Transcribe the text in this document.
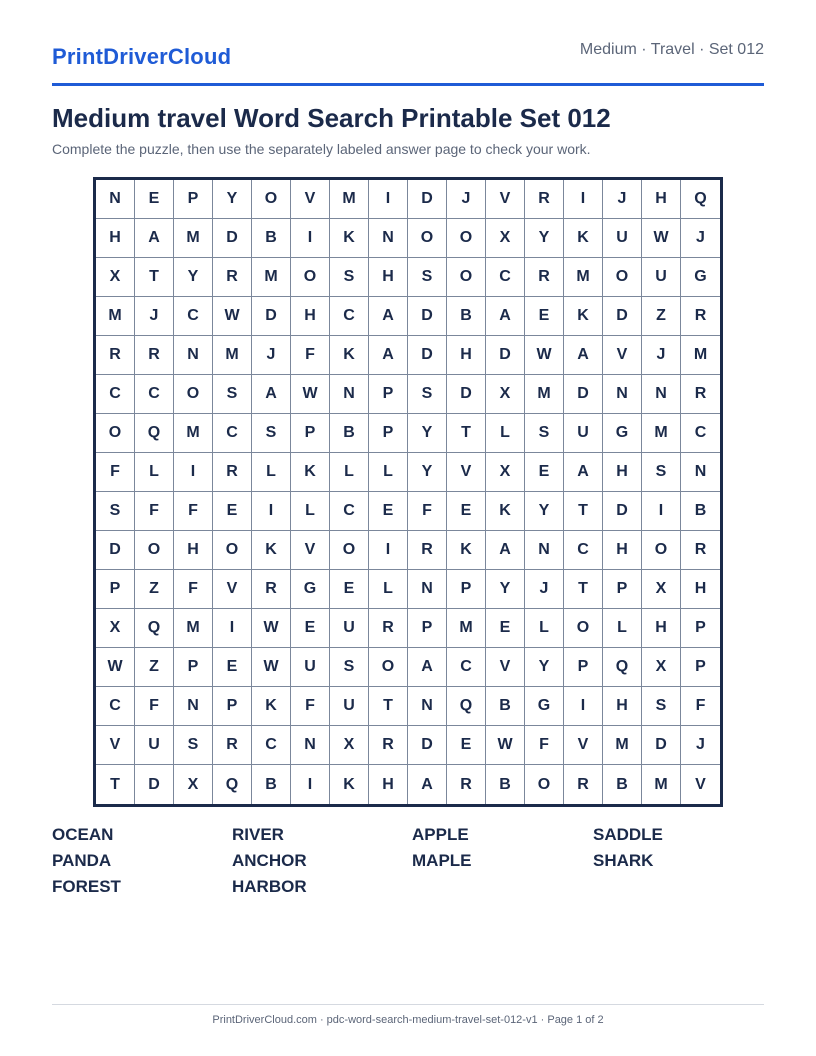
PrintDriverCloud	Medium · Travel · Set 012
Medium travel Word Search Printable Set 012
Complete the puzzle, then use the separately labeled answer page to check your work.
N	E	P	Y	O	V	M	I	D	J	V	R	I	J	H	Q
H	A	M	D	B	I	K	N	O	O	X	Y	K	U	W	J
X	T	Y	R	M	O	S	H	S	O	C	R	M	O	U	G
M	J	C	W	D	H	C	A	D	B	A	E	K	D	Z	R
R	R	N	M	J	F	K	A	D	H	D	W	A	V	J	M
C	C	O	S	A	W	N	P	S	D	X	M	D	N	N	R
O	Q	M	C	S	P	B	P	Y	T	L	S	U	G	M	C
F	L	I	R	L	K	L	L	Y	V	X	E	A	H	S	N
S	F	F	E	I	L	C	E	F	E	K	Y	T	D	I	B
D	O	H	O	K	V	O	I	R	K	A	N	C	H	O	R
P	Z	F	V	R	G	E	L	N	P	Y	J	T	P	X	H
X	Q	M	I	W	E	U	R	P	M	E	L	O	L	H	P
W	Z	P	E	W	U	S	O	A	C	V	Y	P	Q	X	P
C	F	N	P	K	F	U	T	N	Q	B	G	I	H	S	F
V	U	S	R	C	N	X	R	D	E	W	F	V	M	D	J
T	D	X	Q	B	I	K	H	A	R	B	O	R	B	M	V
OCEAN	RIVER	APPLE	SADDLE
PANDA	ANCHOR	MAPLE	SHARK
FOREST	HARBOR
PrintDriverCloud.com · pdc-word-search-medium-travel-set-012-v1 · Page 1 of 2
